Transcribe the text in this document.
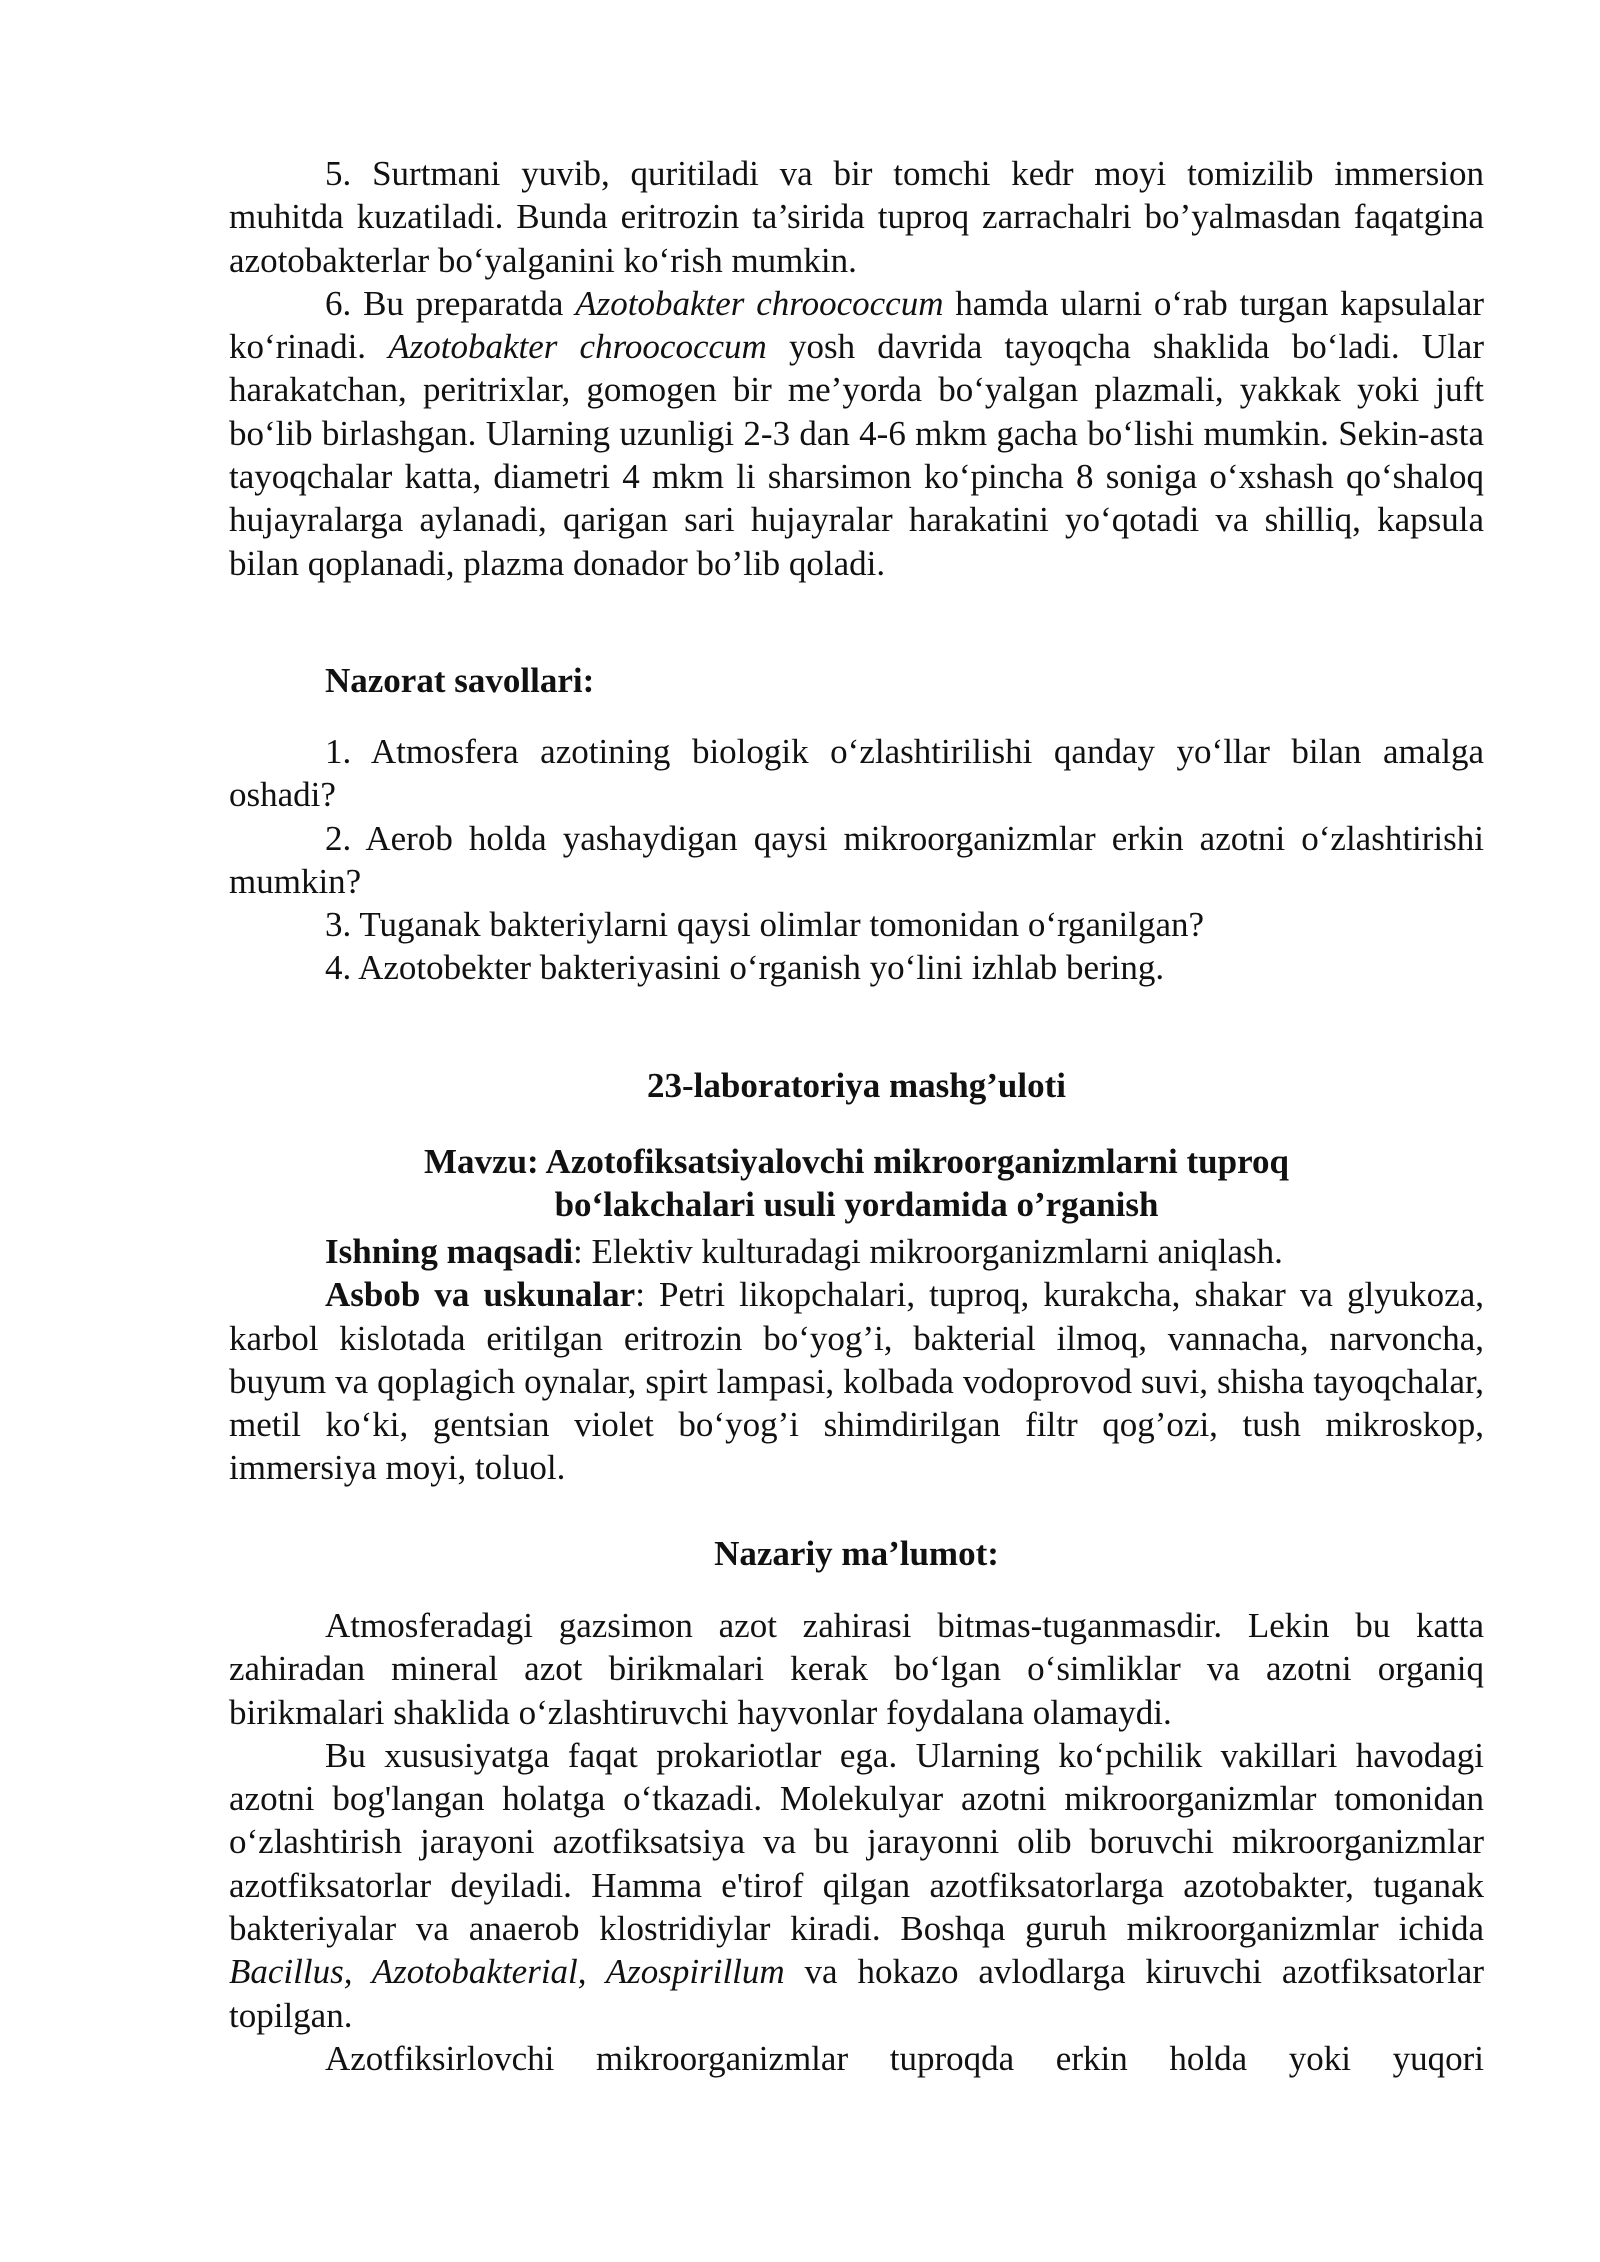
5. Surtmani yuvib, quritiladi va bir tomchi kedr moyi tomizilib immersion muhitda kuzatiladi. Bunda eritrozin ta’sirida tuproq zarrachalri bo’yalmasdan faqatgina azotobakterlar bo‘yalganini ko‘rish mumkin.

6. Bu preparatda Azotobakter chroococcum hamda ularni o‘rab turgan kapsulalar ko‘rinadi. Azotobakter chroococcum yosh davrida tayoqcha shaklida bo‘ladi. Ular harakatchan, peritrixlar, gomogen bir me’yorda bo‘yalgan plazmali, yakkak yoki juft bo‘lib birlashgan. Ularning uzunligi 2-3 dan 4-6 mkm gacha bo‘lishi mumkin. Sekin-asta tayoqchalar katta, diametri 4 mkm li sharsimon ko‘pincha 8 soniga o‘xshash qo‘shaloq hujayralarga aylanadi, qarigan sari hujayralar harakatini yo‘qotadi va shilliq, kapsula bilan qoplanadi, plazma donador bo’lib qoladi.

Nazorat savollari:

1. Atmosfera azotining biologik o‘zlashtirilishi qanday yo‘llar bilan amalga oshadi?

2. Aerob holda yashaydigan qaysi mikroorganizmlar erkin azotni o‘zlashtirishi mumkin?

3. Tuganak bakteriylarni qaysi olimlar tomonidan o‘rganilgan?

4. Azotobekter bakteriyasini o‘rganish yo‘lini izhlab bering.

23-laboratoriya mashg’uloti

Mavzu: Azotofiksatsiyalovchi mikroorganizmlarni tuproq

bo‘lakchalari usuli yordamida o’rganish

Ishning maqsadi: Elektiv kulturadagi mikroorganizmlarni aniqlash.

Asbob va uskunalar: Petri likopchalari, tuproq, kurakcha, shakar va glyukoza, karbol kislotada eritilgan eritrozin bo‘yog’i, bakterial ilmoq, vannacha, narvoncha, buyum va qoplagich oynalar, spirt lampasi, kolbada vodoprovod suvi, shisha tayoqchalar, metil ko‘ki, gentsian violet bo‘yog’i shimdirilgan filtr qog’ozi, tush mikroskop, immersiya moyi, toluol.

Nazariy ma’lumot:

Atmosferadagi gazsimon azot zahirasi bitmas-tuganmasdir. Lekin bu katta zahiradan mineral azot birikmalari kerak bo‘lgan o‘simliklar va azotni organiq birikmalari shaklida o‘zlashtiruvchi hayvonlar foydalana olamaydi.

Bu xususiyatga faqat prokariotlar ega. Ularning ko‘pchilik vakillari havodagi azotni bog'langan holatga o‘tkazadi. Molekulyar azotni mikroorganizmlar tomonidan o‘zlashtirish jarayoni azotfiksatsiya va bu jarayonni olib boruvchi mikroorganizmlar azotfiksatorlar deyiladi. Hamma e'tirof qilgan azotfiksatorlarga azotobakter, tuganak bakteriyalar va anaerob klostridiylar kiradi. Boshqa guruh mikroorganizmlar ichida Bacillus, Azotobakterial, Azospirillum va hokazo avlodlarga kiruvchi azotfiksatorlar topilgan.

Azotfiksirlovchi mikroorganizmlar tuproqda erkin holda yoki yuqori
